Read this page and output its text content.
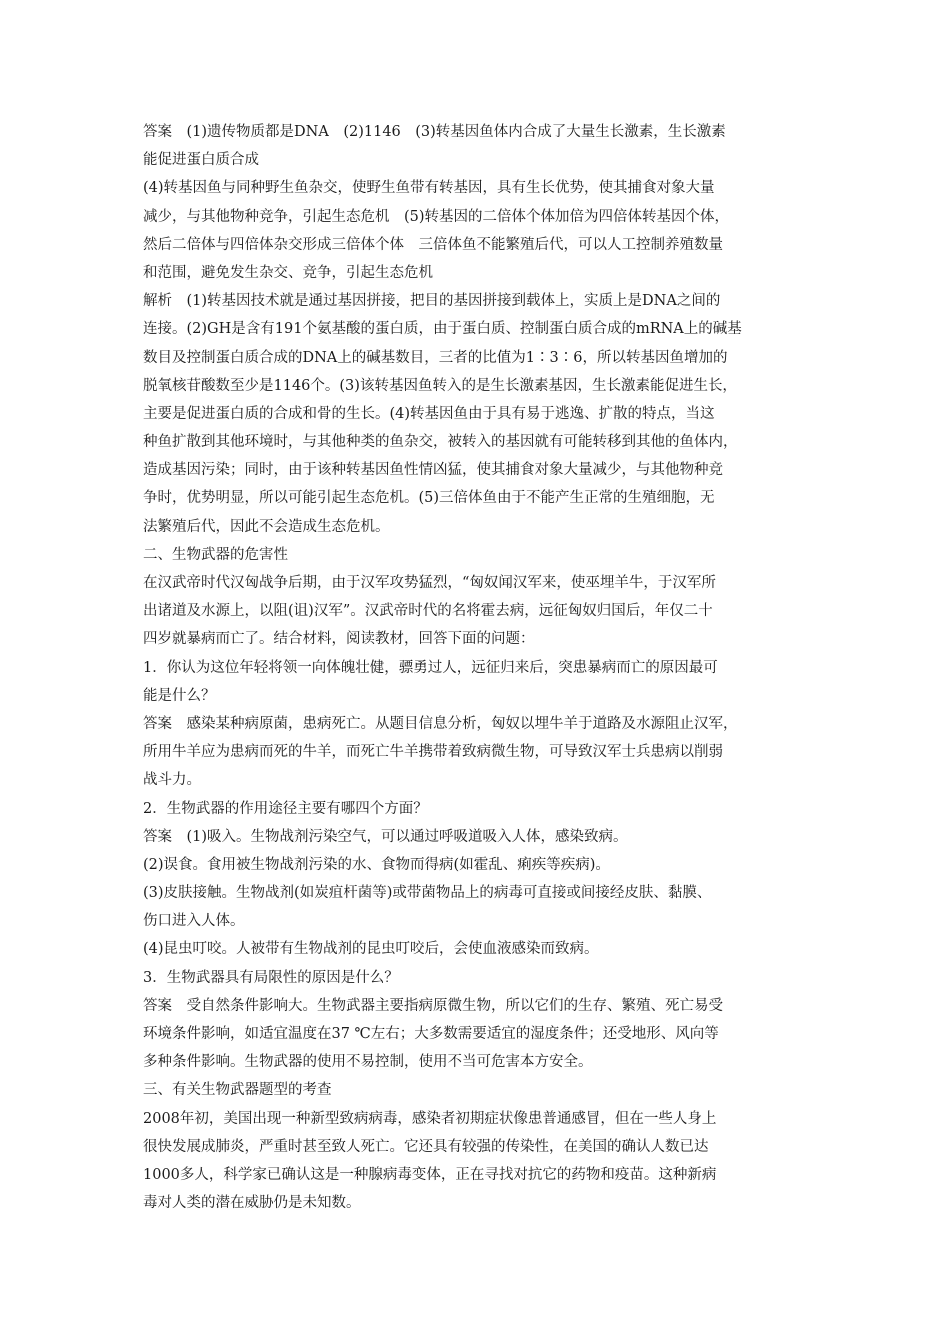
答案　(1)遗传物质都是DNA　(2)1146　(3)转基因鱼体内合成了大量生长激素，生长激素
能促进蛋白质合成
(4)转基因鱼与同种野生鱼杂交，使野生鱼带有转基因，具有生长优势，使其捕食对象大量
减少，与其他物种竞争，引起生态危机　(5)转基因的二倍体个体加倍为四倍体转基因个体，
然后二倍体与四倍体杂交形成三倍体个体　三倍体鱼不能繁殖后代，可以人工控制养殖数量
和范围，避免发生杂交、竞争，引起生态危机
解析　(1)转基因技术就是通过基因拼接，把目的基因拼接到载体上，实质上是DNA之间的
连接。(2)GH是含有191个氨基酸的蛋白质，由于蛋白质、控制蛋白质合成的mRNA上的碱基
数目及控制蛋白质合成的DNA上的碱基数目，三者的比值为1∶3∶6，所以转基因鱼增加的
脱氧核苷酸数至少是1146个。(3)该转基因鱼转入的是生长激素基因，生长激素能促进生长，
主要是促进蛋白质的合成和骨的生长。(4)转基因鱼由于具有易于逃逸、扩散的特点，当这
种鱼扩散到其他环境时，与其他种类的鱼杂交，被转入的基因就有可能转移到其他的鱼体内，
造成基因污染；同时，由于该种转基因鱼性情凶猛，使其捕食对象大量减少，与其他物种竞
争时，优势明显，所以可能引起生态危机。(5)三倍体鱼由于不能产生正常的生殖细胞，无
法繁殖后代，因此不会造成生态危机。
二、生物武器的危害性
在汉武帝时代汉匈战争后期，由于汉军攻势猛烈，“匈奴闻汉军来，使巫埋羊牛，于汉军所
出诸道及水源上，以阻(诅)汉军”。汉武帝时代的名将霍去病，远征匈奴归国后，年仅二十
四岁就暴病而亡了。结合材料，阅读教材，回答下面的问题：
1．你认为这位年轻将领一向体魄壮健，骠勇过人，远征归来后，突患暴病而亡的原因最可
能是什么？
答案　感染某种病原菌，患病死亡。从题目信息分析，匈奴以埋牛羊于道路及水源阻止汉军，
所用牛羊应为患病而死的牛羊，而死亡牛羊携带着致病微生物，可导致汉军士兵患病以削弱
战斗力。
2．生物武器的作用途径主要有哪四个方面？
答案　(1)吸入。生物战剂污染空气，可以通过呼吸道吸入人体，感染致病。
(2)误食。食用被生物战剂污染的水、食物而得病(如霍乱、痢疾等疾病)。
(3)皮肤接触。生物战剂(如炭疽杆菌等)或带菌物品上的病毒可直接或间接经皮肤、黏膜、
伤口进入人体。
(4)昆虫叮咬。人被带有生物战剂的昆虫叮咬后，会使血液感染而致病。
3．生物武器具有局限性的原因是什么？
答案　受自然条件影响大。生物武器主要指病原微生物，所以它们的生存、繁殖、死亡易受
环境条件影响，如适宜温度在37 ℃左右；大多数需要适宜的湿度条件；还受地形、风向等
多种条件影响。生物武器的使用不易控制，使用不当可危害本方安全。
三、有关生物武器题型的考查
2008年初，美国出现一种新型致病病毒，感染者初期症状像患普通感冒，但在一些人身上
很快发展成肺炎，严重时甚至致人死亡。它还具有较强的传染性，在美国的确认人数已达
1000多人，科学家已确认这是一种腺病毒变体，正在寻找对抗它的药物和疫苗。这种新病
毒对人类的潜在威胁仍是未知数。
